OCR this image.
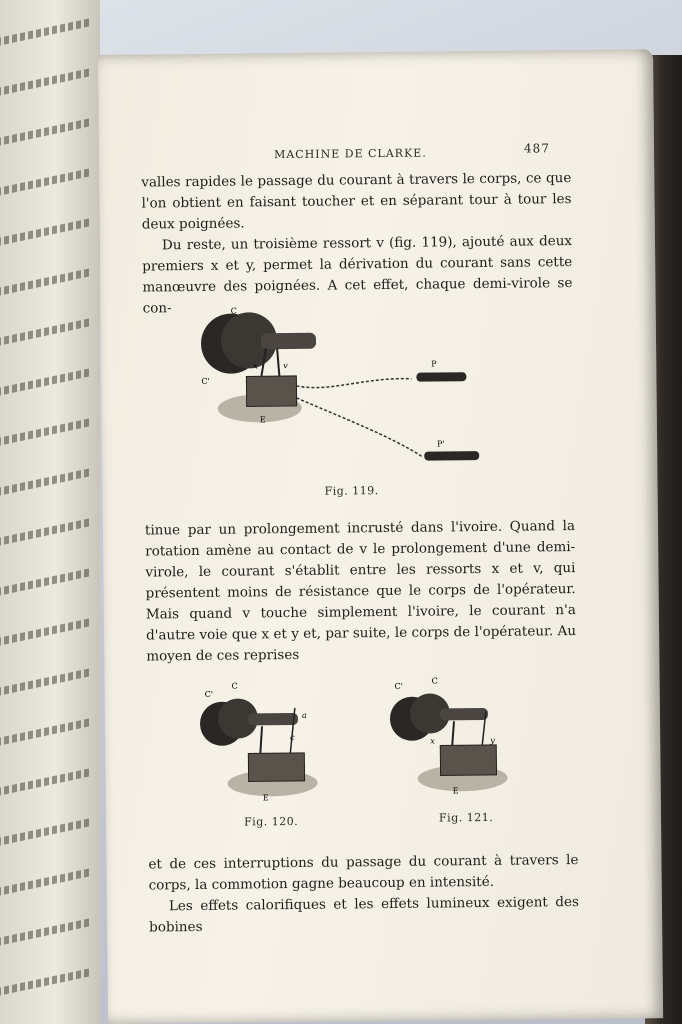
MACHINE DE CLARKE.	487

valles rapides le passage du courant à travers le corps, ce que l'on obtient en faisant toucher et en séparant tour à tour les deux poignées.

Du reste, un troisième ressort v (fig. 119), ajouté aux deux premiers x et y, permet la dérivation du courant sans cette manœuvre des poignées. A cet effet, chaque demi-virole se con-	C
C'
x	v	P
P'
E
Fig. 119.

tinue par un prolongement incrusté dans l'ivoire. Quand la rotation amène au contact de v le prolongement d'une demi-virole, le courant s'établit entre les ressorts x et v, qui présentent moins de résistance que le corps de l'opérateur. Mais quand v touche simplement l'ivoire, le courant n'a d'autre voie que x et y et, par suite, le corps de l'opérateur. Au moyen de ces reprises

C
C'
a
c
E
Fig. 120.
C'
C
x	y
E
Fig. 121.

et de ces interruptions du passage du courant à travers le corps, la commotion gagne beaucoup en intensité.

Les effets calorifiques et les effets lumineux exigent des bobines
